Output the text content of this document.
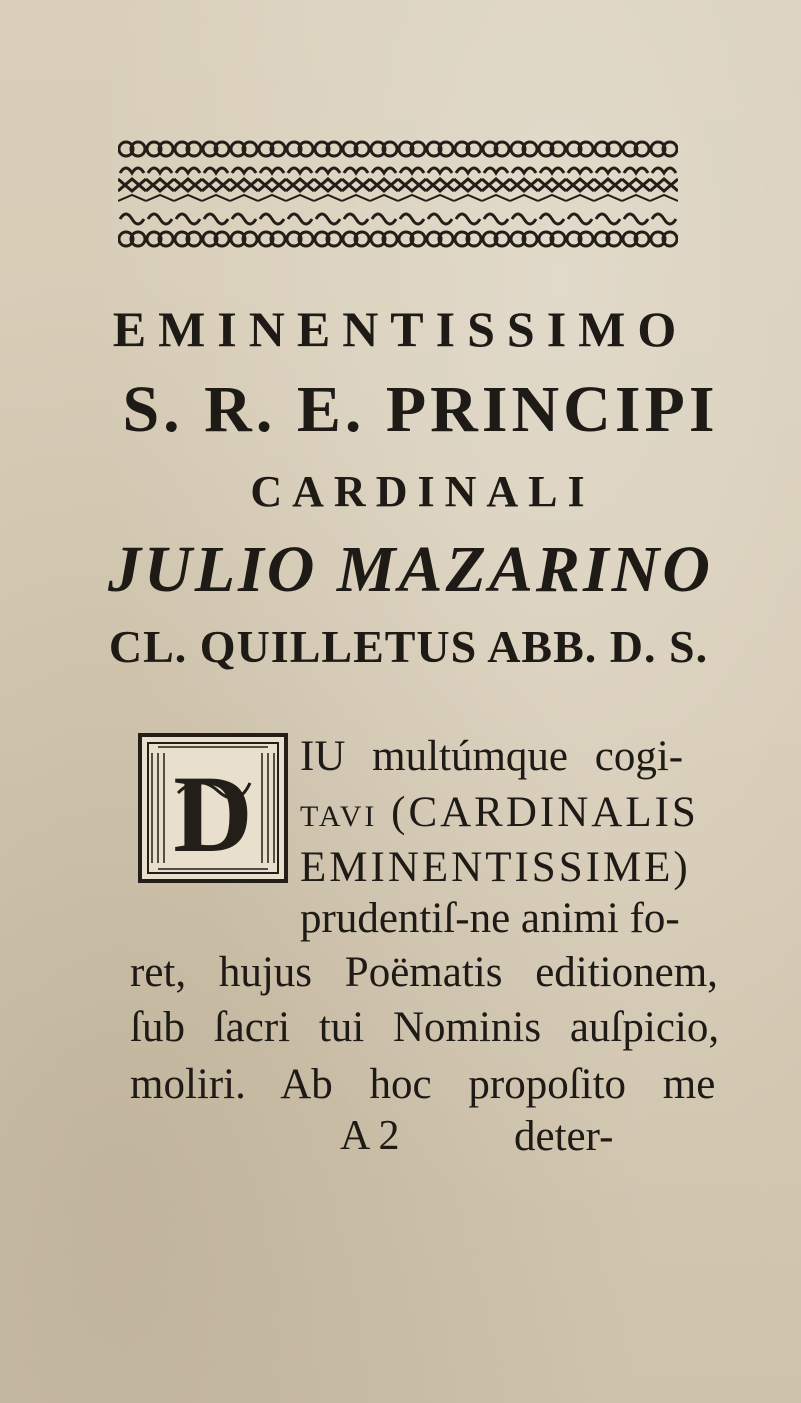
EMINENTISSIMO
S. R. E. PRINCIPI
CARDINALI
JULIO MAZARINO
CL. QUILLETUS ABB. D. S.
D IU multúmque cogi-
tavi (CARDINALIS
EMINENTISSIME)
prudentiſ-ne animi fo-
ret, hujus Poëmatis editionem,
ſub ſacri tui Nominis auſpicio,
moliri. Ab hoc propoſito me
A 2	deter-
